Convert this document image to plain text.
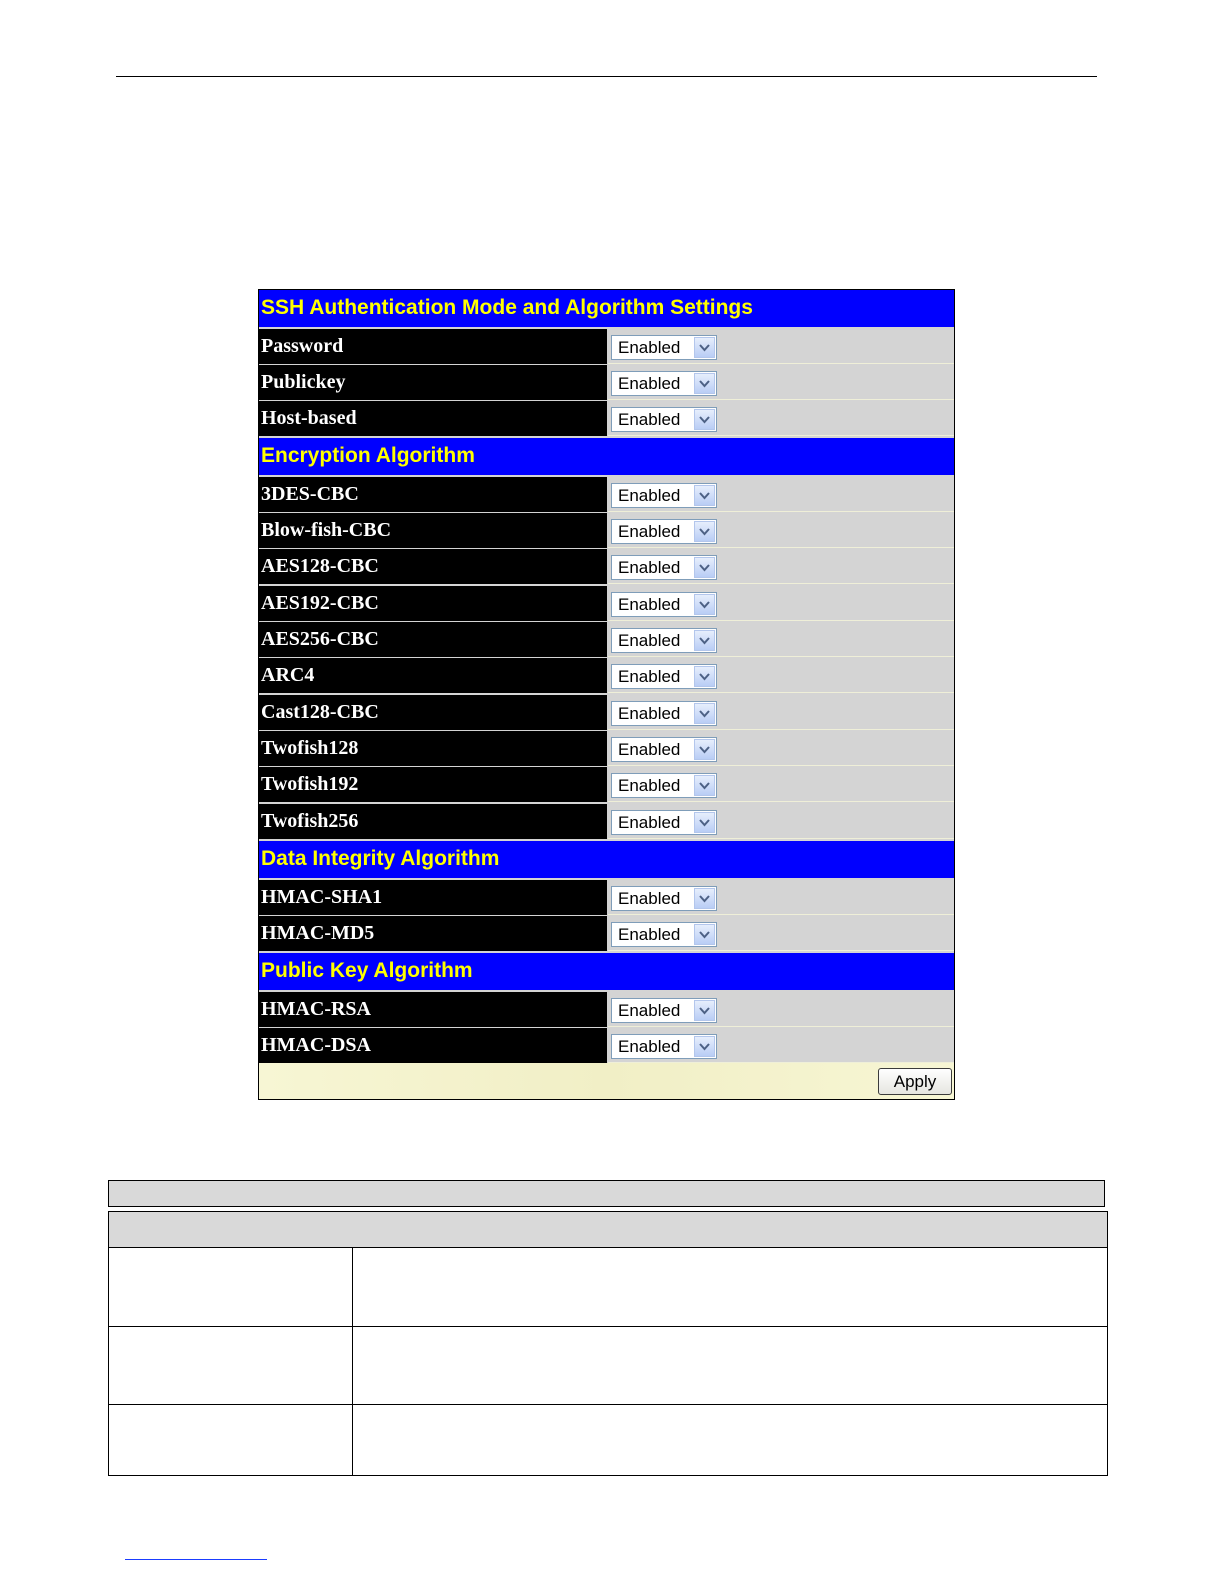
SSH Authentication Mode and Algorithm Settings
Password	Enabled
Publickey	Enabled
Host-based	Enabled
Encryption Algorithm
3DES-CBC	Enabled
Blow-fish-CBC	Enabled
AES128-CBC	Enabled
AES192-CBC	Enabled
AES256-CBC	Enabled
ARC4	Enabled
Cast128-CBC	Enabled
Twofish128	Enabled
Twofish192	Enabled
Twofish256	Enabled
Data Integrity Algorithm
HMAC-SHA1	Enabled
HMAC-MD5	Enabled
Public Key Algorithm
HMAC-RSA	Enabled
HMAC-DSA	Enabled
Apply
